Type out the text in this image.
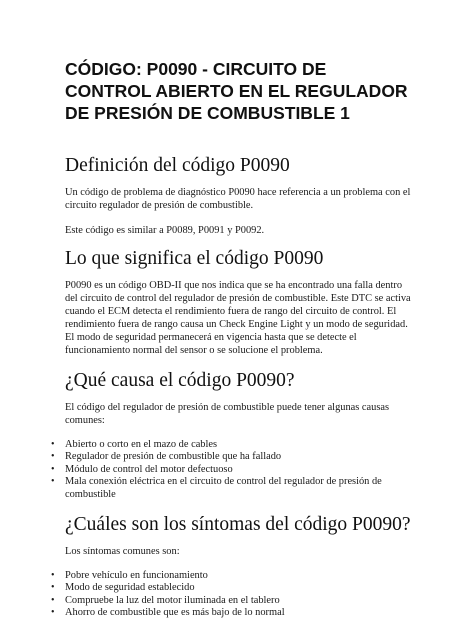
CÓDIGO: P0090 - CIRCUITO DE CONTROL ABIERTO EN EL REGULADOR DE PRESIÓN DE COMBUSTIBLE 1
Definición del código P0090

Un código de problema de diagnóstico P0090 hace referencia a un problema con el circuito regulador de presión de combustible.

Este código es similar a P0089, P0091 y P0092.

Lo que significa el código P0090

P0090 es un código OBD-II que nos indica que se ha encontrado una falla dentro del circuito de control del regulador de presión de combustible. Este DTC se activa cuando el ECM detecta el rendimiento fuera de rango del circuito de control. El rendimiento fuera de rango causa un Check Engine Light y un modo de seguridad. El modo de seguridad permanecerá en vigencia hasta que se detecte el funcionamiento normal del sensor o se solucione el problema.

¿Qué causa el código P0090?

El código del regulador de presión de combustible puede tener algunas causas comunes:

• Abierto o corto en el mazo de cables
• Regulador de presión de combustible que ha fallado
• Módulo de control del motor defectuoso
• Mala conexión eléctrica en el circuito de control del regulador de presión de combustible
¿Cuáles son los síntomas del código P0090?

Los síntomas comunes son:

• Pobre vehículo en funcionamiento
• Modo de seguridad establecido
• Compruebe la luz del motor iluminada en el tablero
• Ahorro de combustible que es más bajo de lo normal
